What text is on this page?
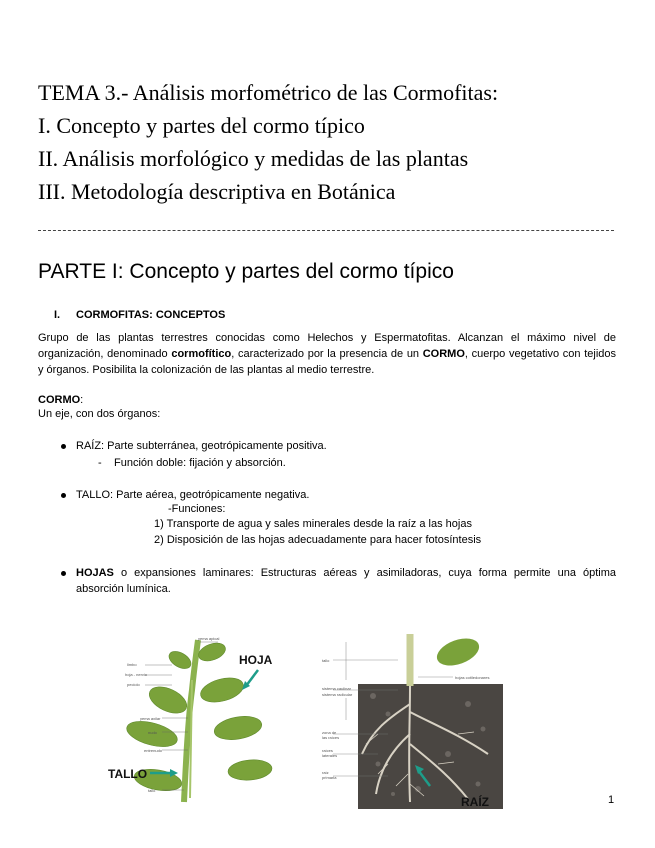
TEMA 3.- Análisis morfométrico de las Cormofitas:
I. Concepto y partes del cormo típico
II. Análisis morfológico y medidas de las plantas
III. Metodología descriptiva en Botánica
PARTE I: Concepto y partes del cormo típico
I. CORMOFITAS: CONCEPTOS
Grupo de las plantas terrestres conocidas como Helechos y Espermatofitas. Alcanzan el máximo nivel de organización, denominado cormofítico, caracterizado por la presencia de un CORMO, cuerpo vegetativo con tejidos y órganos. Posibilita la colonización de las plantas al medio terrestre.
CORMO:
Un eje, con dos órganos:
RAÍZ: Parte subterránea, geotrópicamente positiva.
- Función doble: fijación y absorción.
TALLO: Parte aérea, geotrópicamente negativa.
-Funciones:
1) Transporte de agua y sales minerales desde la raíz a las hojas
2) Disposición de las hojas adecuadamente para hacer fotosíntesis
HOJAS o expansiones laminares: Estructuras aéreas y asimiladoras, cuya forma permite una óptima absorción lumínica.
limbo
hoja - nervio
peciolo
yema apical
yema axilar
nudo
entrenudo
tallo
HOJA
TALLO
tallo
hojas cotiledonares
sistema caulinar
sistema radicular
zona de
las raíces
raíces
laterales
raíz
primaria
RAÍZ	1
